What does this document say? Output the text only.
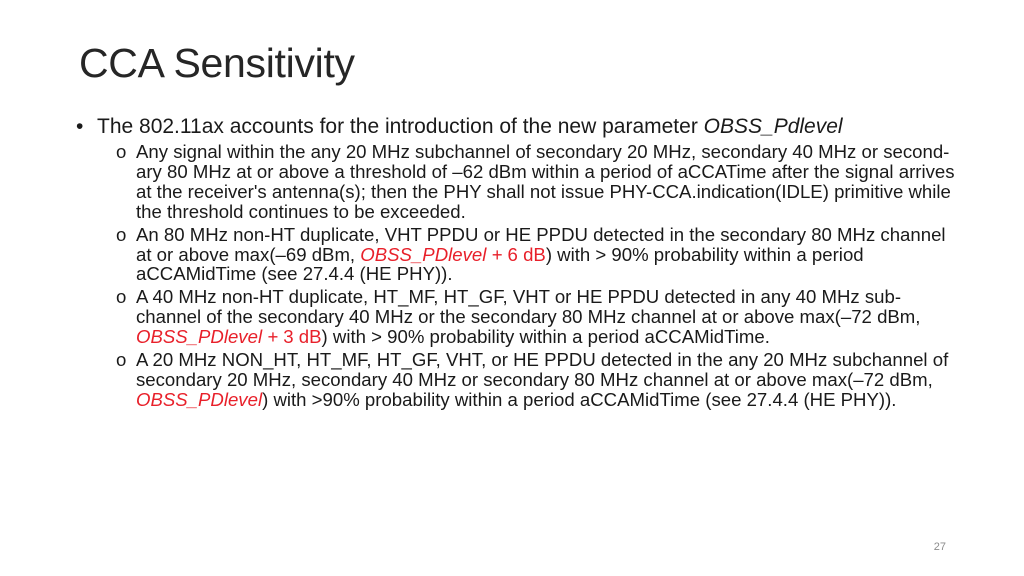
CCA Sensitivity
• The 802.11ax accounts for the introduction of the new parameter OBSS_Pdlevel
o Any signal within the any 20 MHz subchannel of secondary 20 MHz, secondary 40 MHz or second-ary 80 MHz at or above a threshold of –62 dBm within a period of aCCATime after the signal arrives at the receiver's antenna(s); then the PHY shall not issue PHY-CCA.indication(IDLE) primitive while the threshold continues to be exceeded.
o An 80 MHz non-HT duplicate, VHT PPDU or HE PPDU detected in the secondary 80 MHz channel at or above max(–69 dBm, OBSS_PDlevel + 6 dB) with > 90% probability within a period aCCAMidTime (see 27.4.4 (HE PHY)).
o A 40 MHz non-HT duplicate, HT_MF, HT_GF, VHT or HE PPDU detected in any 40 MHz sub-channel of the secondary 40 MHz or the secondary 80 MHz channel at or above max(–72 dBm, OBSS_PDlevel + 3 dB) with > 90% probability within a period aCCAMidTime.
o A 20 MHz NON_HT, HT_MF, HT_GF, VHT, or HE PPDU detected in the any 20 MHz subchannel of secondary 20 MHz, secondary 40 MHz or secondary 80 MHz channel at or above max(–72 dBm, OBSS_PDlevel) with >90% probability within a period aCCAMidTime (see 27.4.4 (HE PHY)).
27
